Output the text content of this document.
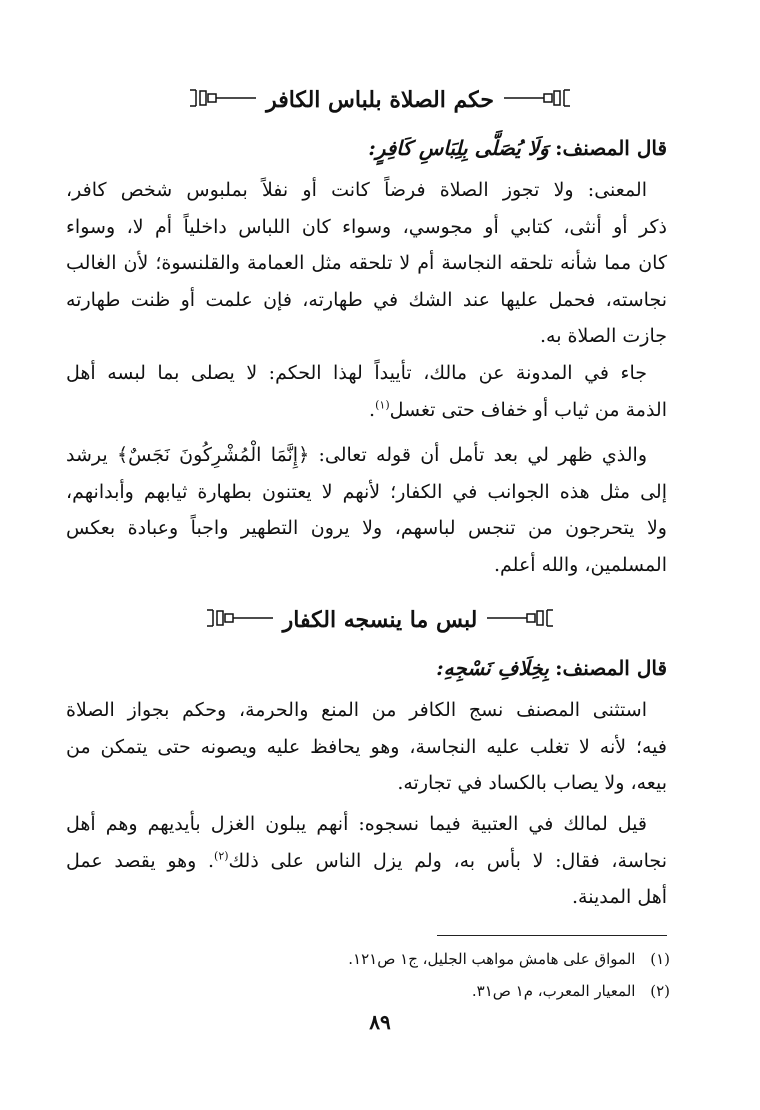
حكم الصلاة بلباس الكافر
قال المصنف: وَلَا يُصَلَّى بِلِبَاسِ كَافِرٍ:
المعنى: ولا تجوز الصلاة فرضاً كانت أو نفلاً بملبوس شخص كافر،
ذكر أو أنثى، كتابي أو مجوسي، وسواء كان اللباس داخلياً أم لا، وسواء
كان مما شأنه تلحقه النجاسة أم لا تلحقه مثل العمامة والقلنسوة؛ لأن الغالب
نجاسته، فحمل عليها عند الشك في طهارته، فإن علمت أو ظنت طهارته
جازت الصلاة به.
جاء في المدونة عن مالك، تأييداً لهذا الحكم: لا يصلى بما لبسه أهل
الذمة من ثياب أو خفاف حتى تغسل$^{(١)}$.
والذي ظهر لي بعد تأمل أن قوله تعالى: ﴿إِنَّمَا الْمُشْرِكُونَ نَجَسٌ﴾ يرشد
إلى مثل هذه الجوانب في الكفار؛ لأنهم لا يعتنون بطهارة ثيابهم وأبدانهم،
ولا يتحرجون من تنجس لباسهم، ولا يرون التطهير واجباً وعبادة بعكس
المسلمين، والله أعلم.
لبس ما ينسجه الكفار
قال المصنف: بِخِلَافِ نَسْجِهِ:
استثنى المصنف نسج الكافر من المنع والحرمة، وحكم بجواز الصلاة
فيه؛ لأنه لا تغلب عليه النجاسة، وهو يحافظ عليه ويصونه حتى يتمكن من
بيعه، ولا يصاب بالكساد في تجارته.
قيل لمالك في العتبية فيما نسجوه: أنهم يبلون الغزل بأيديهم وهم أهل
نجاسة، فقال: لا بأس به، ولم يزل الناس على ذلك$^{(٢)}$. وهو يقصد عمل
أهل المدينة.
(١) المواق على هامش مواهب الجليل، ج١ ص١٢١.
(٢) المعيار المعرب، م١ ص٣١.
٨٩
